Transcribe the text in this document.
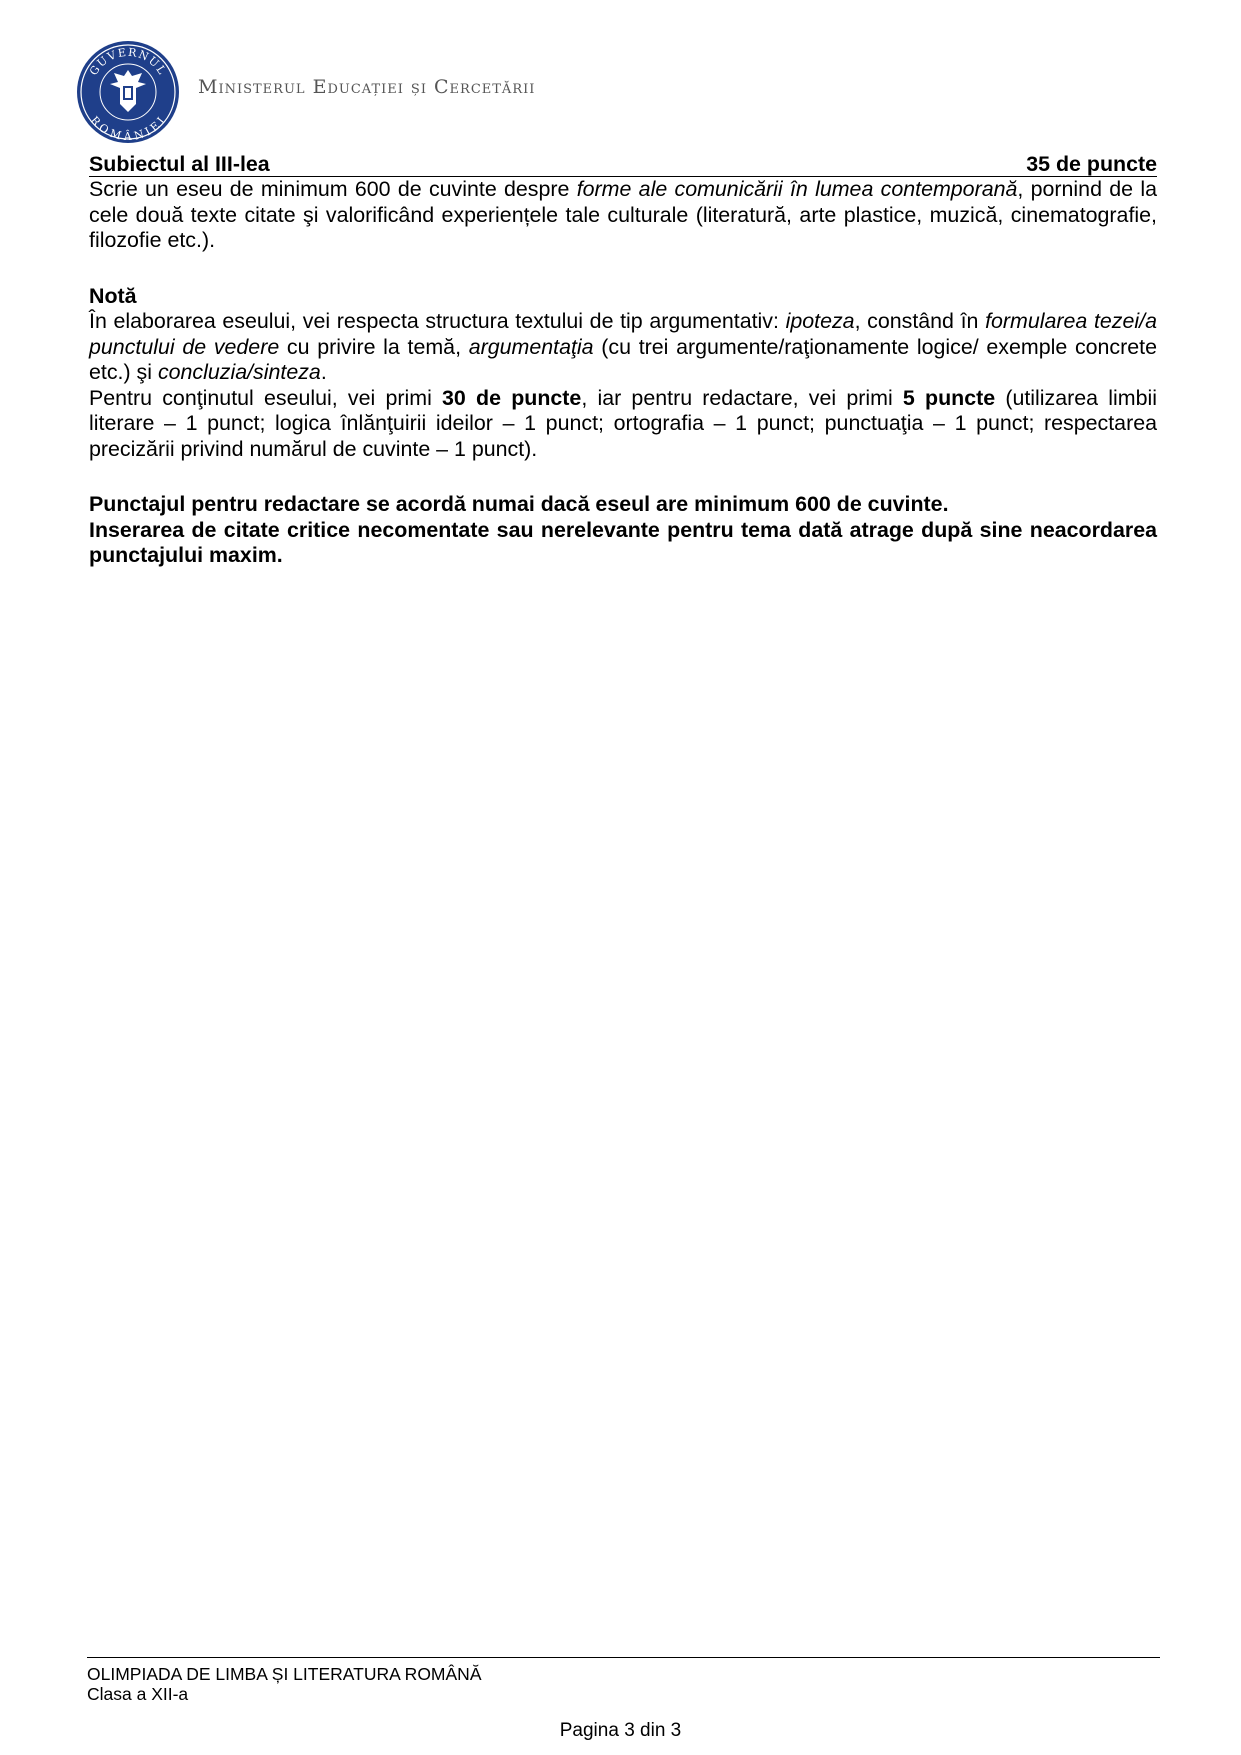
GUVERNUL
ROMÂNIEI
Ministerul Educației și Cercetării
Subiectul al III-lea	35 de puncte

Scrie un eseu de minimum 600 de cuvinte despre forme ale comunicării în lumea contemporană, pornind de la cele două texte citate şi valorificând experiențele tale culturale (literatură, arte plastice, muzică, cinematografie, filozofie etc.).

Notă

În elaborarea eseului, vei respecta structura textului de tip argumentativ: ipoteza, constând în formularea tezei/a punctului de vedere cu privire la temă, argumentaţia (cu trei argumente/raţionamente logice/ exemple concrete etc.) şi concluzia/sinteza.

Pentru conţinutul eseului, vei primi 30 de puncte, iar pentru redactare, vei primi 5 puncte (utilizarea limbii literare – 1 punct; logica înlănţuirii ideilor – 1 punct; ortografia – 1 punct; punctuaţia – 1 punct; respectarea precizării privind numărul de cuvinte – 1 punct).

Punctajul pentru redactare se acordă numai dacă eseul are minimum 600 de cuvinte.

Inserarea de citate critice necomentate sau nerelevante pentru tema dată atrage după sine neacordarea punctajului maxim.

OLIMPIADA DE LIMBA ȘI LITERATURA ROMÂNĂ
Clasa a XII-a
Pagina 3 din 3
